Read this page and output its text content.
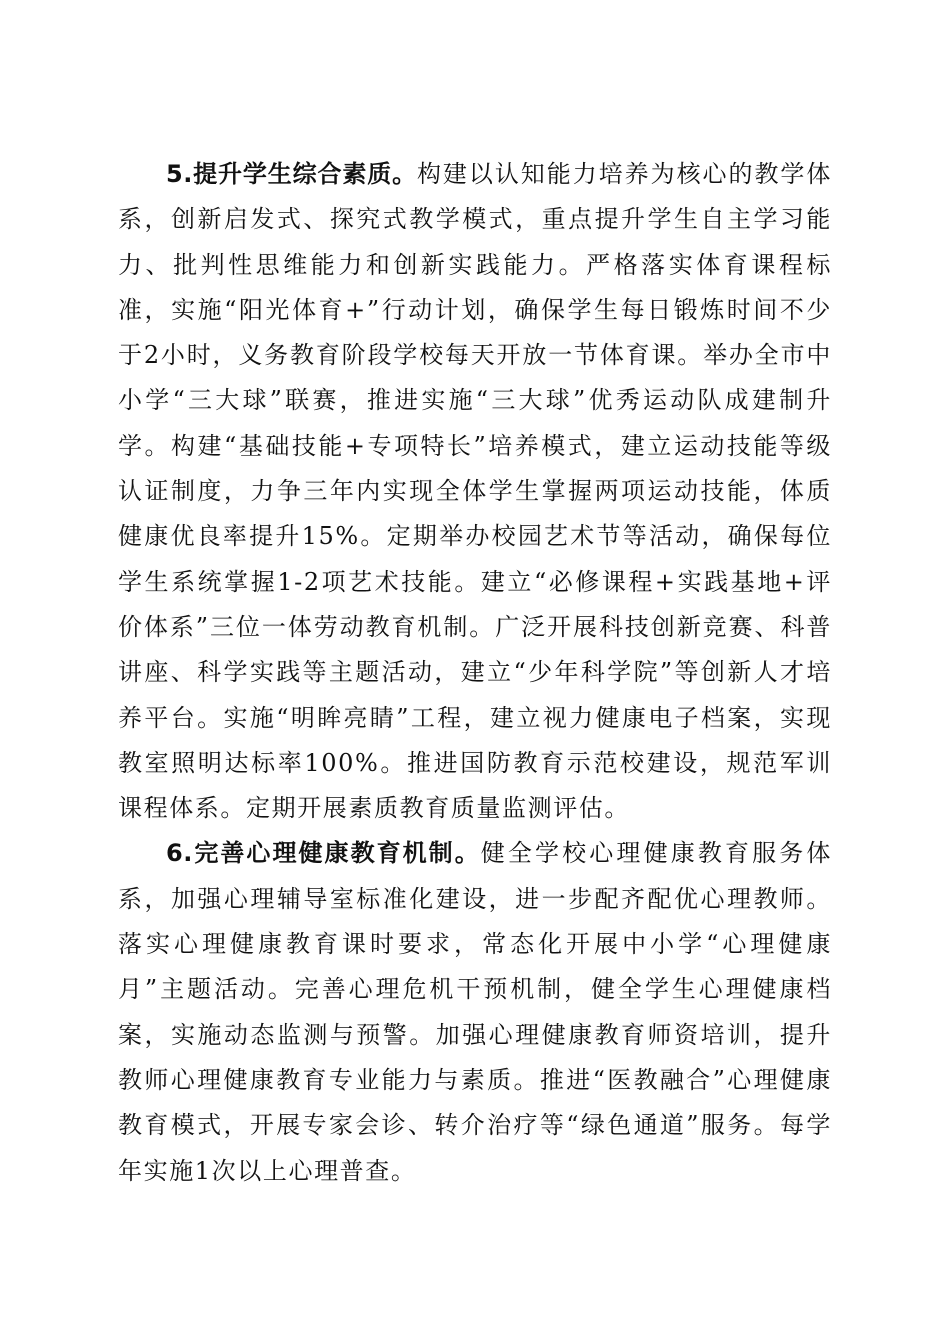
5.提升学生综合素质。构建以认知能力培养为核心的教学体系，创新启发式、探究式教学模式，重点提升学生自主学习能力、批判性思维能力和创新实践能力。严格落实体育课程标准，实施“阳光体育+”行动计划，确保学生每日锻炼时间不少于2小时，义务教育阶段学校每天开放一节体育课。举办全市中小学“三大球”联赛，推进实施“三大球”优秀运动队成建制升学。构建“基础技能+专项特长”培养模式，建立运动技能等级认证制度，力争三年内实现全体学生掌握两项运动技能，体质健康优良率提升15%。定期举办校园艺术节等活动，确保每位学生系统掌握1-2项艺术技能。建立“必修课程+实践基地+评价体系”三位一体劳动教育机制。广泛开展科技创新竞赛、科普讲座、科学实践等主题活动，建立“少年科学院”等创新人才培养平台。实施“明眸亮睛”工程，建立视力健康电子档案，实现教室照明达标率100%。推进国防教育示范校建设，规范军训课程体系。定期开展素质教育质量监测评估。

6.完善心理健康教育机制。健全学校心理健康教育服务体系，加强心理辅导室标准化建设，进一步配齐配优心理教师。落实心理健康教育课时要求，常态化开展中小学“心理健康月”主题活动。完善心理危机干预机制，健全学生心理健康档案，实施动态监测与预警。加强心理健康教育师资培训，提升教师心理健康教育专业能力与素质。推进“医教融合”心理健康教育模式，开展专家会诊、转介治疗等“绿色通道”服务。每学年实施1次以上心理普查。
